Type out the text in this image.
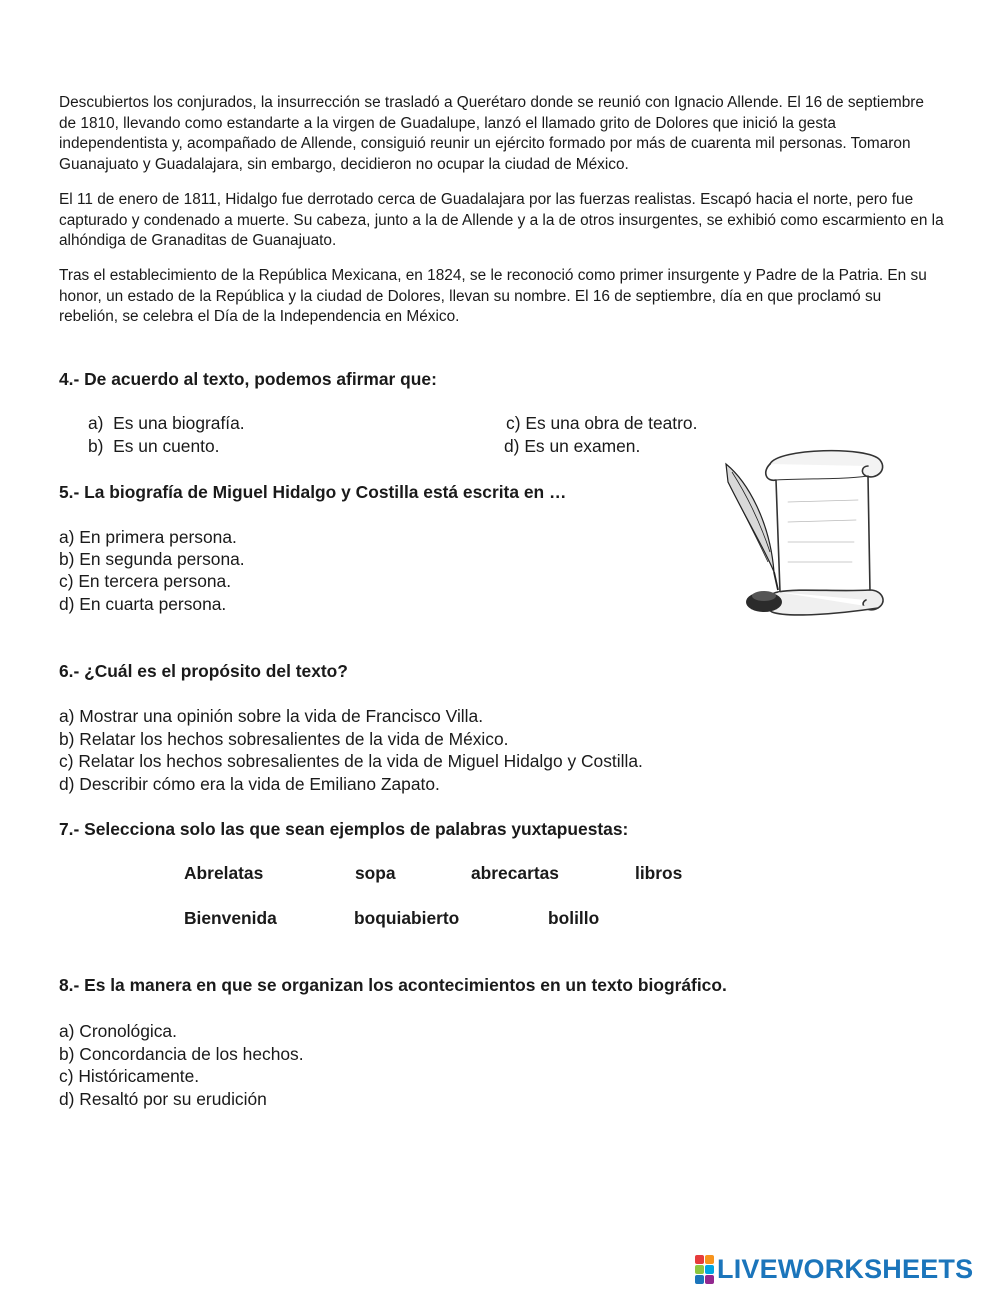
Descubiertos los conjurados, la insurrección se trasladó a Querétaro donde se reunió con Ignacio Allende. El 16 de septiembre de 1810, llevando como estandarte a la virgen de Guadalupe, lanzó el llamado grito de Dolores que inició la gesta independentista y, acompañado de Allende, consiguió reunir un ejército formado por más de cuarenta mil personas. Tomaron Guanajuato y Guadalajara, sin embargo, decidieron no ocupar la ciudad de México.

El 11 de enero de 1811, Hidalgo fue derrotado cerca de Guadalajara por las fuerzas realistas. Escapó hacia el norte, pero fue capturado y condenado a muerte. Su cabeza, junto a la de Allende y a la de otros insurgentes, se exhibió como escarmiento en la alhóndiga de Granaditas de Guanajuato.

Tras el establecimiento de la República Mexicana, en 1824, se le reconoció como primer insurgente y Padre de la Patria. En su honor, un estado de la República y la ciudad de Dolores, llevan su nombre. El 16 de septiembre, día en que proclamó su rebelión, se celebra el Día de la Independencia en México.

4.- De acuerdo al texto, podemos afirmar que:

a) Es una biografía.
b) Es un cuento.
c) Es una obra de teatro.
d) Es un examen.

5.- La biografía de Miguel Hidalgo y Costilla está escrita en …

a) En primera persona.
b) En segunda persona.
c) En tercera persona.
d) En cuarta persona.

6.- ¿Cuál es el propósito del texto?

a) Mostrar una opinión sobre la vida de Francisco Villa.
b) Relatar los hechos sobresalientes de la vida de México.
c) Relatar los hechos sobresalientes de la vida de Miguel Hidalgo y Costilla.
d) Describir cómo era la vida de Emiliano Zapato.

7.- Selecciona solo las que sean ejemplos de palabras yuxtapuestas:

Abrelatas	sopa	abrecartas	libros
Bienvenida	boquiabierto	bolillo

8.- Es la manera en que se organizan los acontecimientos en un texto biográfico.

a) Cronológica.
b) Concordancia de los hechos.
c) Históricamente.
d) Resaltó por su erudición
LIVEWORKSHEETS
